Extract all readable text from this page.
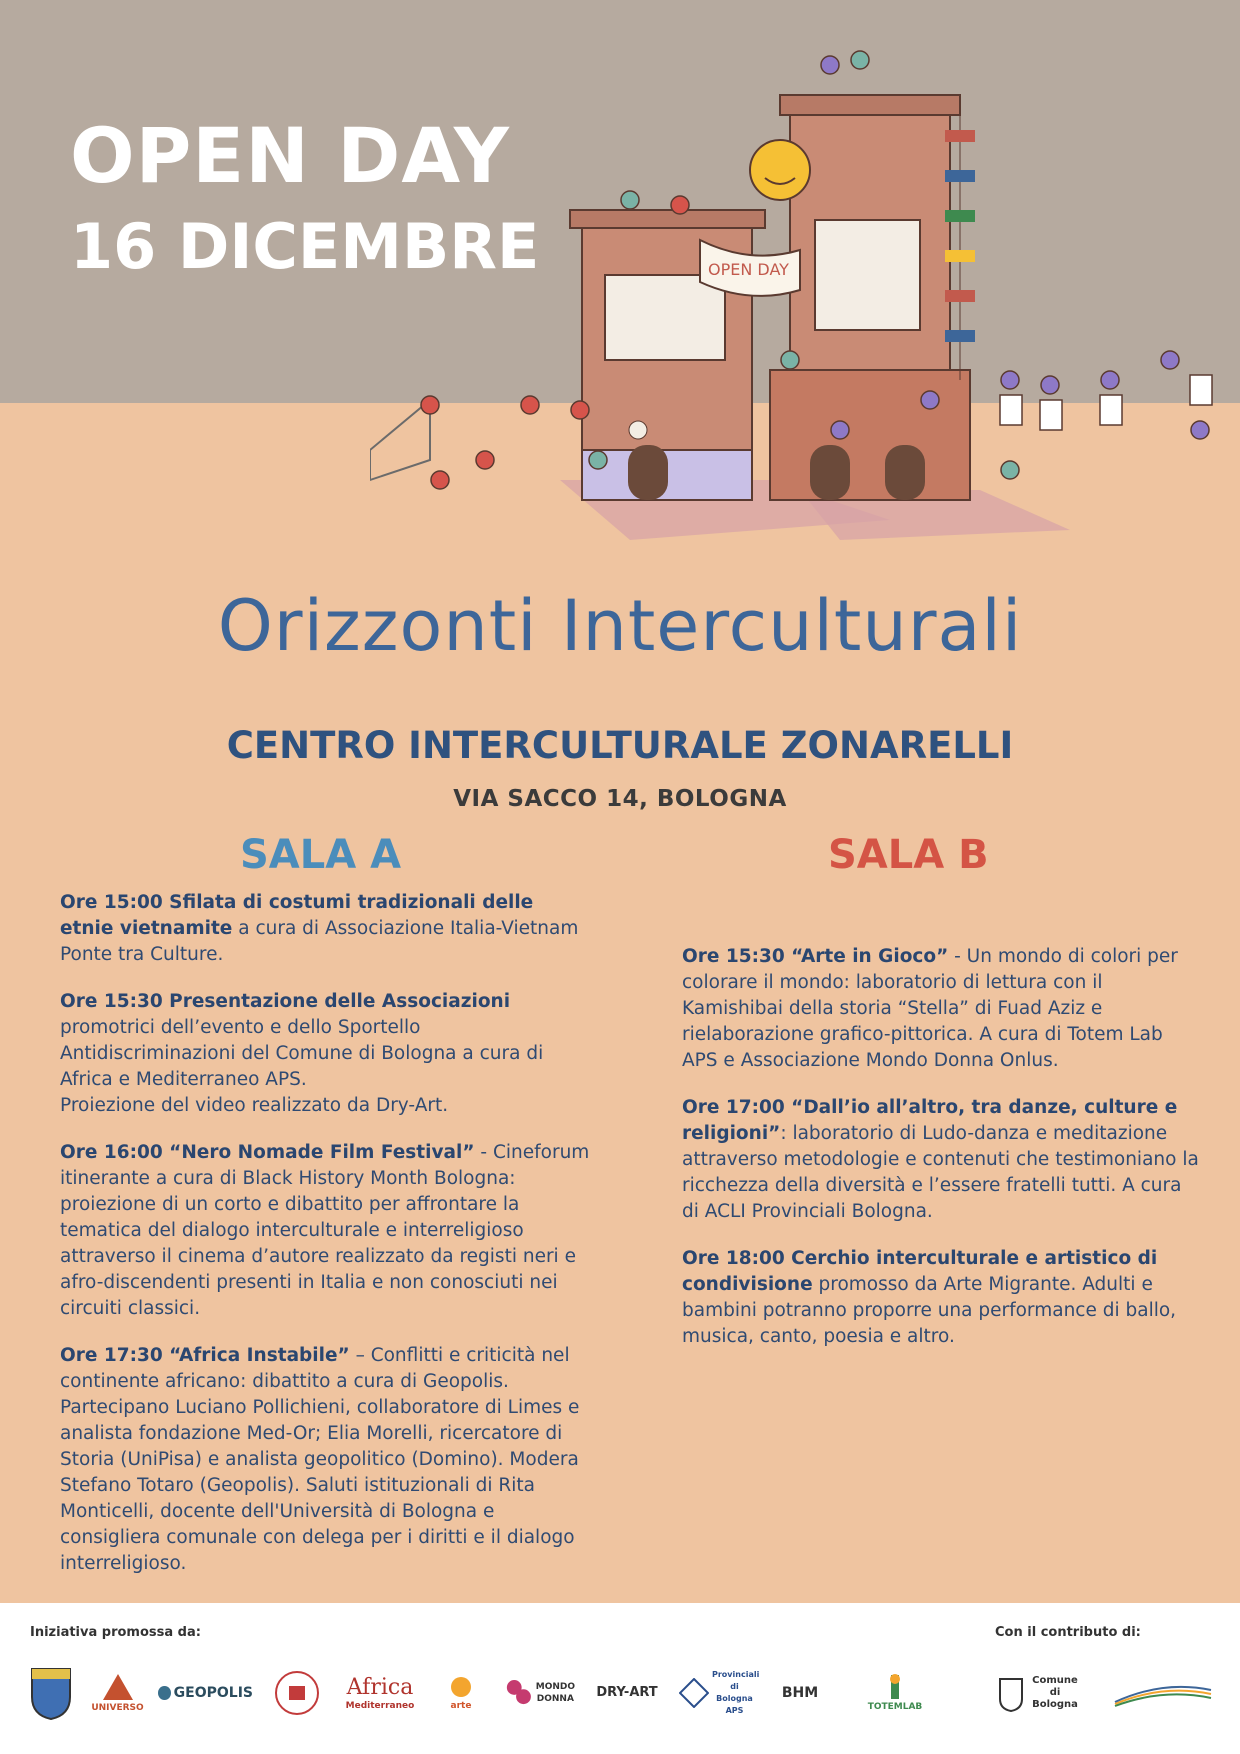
OPEN DAY
16 DICEMBRE	OPEN DAY
Orizzonti Interculturali
CENTRO INTERCULTURALE ZONARELLI
VIA SACCO 14, BOLOGNA
SALA A	SALA B

Ore 15:00 Sfilata di costumi tradizionali delle etnie vietnamite a cura di Associazione Italia-Vietnam Ponte tra Culture.

Ore 15:30 Presentazione delle Associazioni promotrici dell’evento e dello Sportello Antidiscriminazioni del Comune di Bologna a cura di Africa e Mediterraneo APS.
Proiezione del video realizzato da Dry-Art.

Ore 16:00 “Nero Nomade Film Festival” - Cineforum itinerante a cura di Black History Month Bologna: proiezione di un corto e dibattito per affrontare la tematica del dialogo interculturale e interreligioso attraverso il cinema d’autore realizzato da registi neri e afro-discendenti presenti in Italia e non conosciuti nei circuiti classici.

Ore 17:30 “Africa Instabile” – Conflitti e criticità nel continente africano: dibattito a cura di Geopolis. Partecipano Luciano Pollichieni, collaboratore di Limes e analista fondazione Med-Or; Elia Morelli, ricercatore di Storia (UniPisa) e analista geopolitico (Domino). Modera Stefano Totaro (Geopolis). Saluti istituzionali di Rita Monticelli, docente dell'Università di Bologna e consigliera comunale con delega per i diritti e il dialogo interreligioso.

Ore 15:30 “Arte in Gioco” - Un mondo di colori per colorare il mondo: laboratorio di lettura con il Kamishibai della storia “Stella” di Fuad Aziz e rielaborazione grafico-pittorica. A cura di Totem Lab APS e Associazione Mondo Donna Onlus.

Ore 17:00 “Dall’io all’altro, tra danze, culture e religioni”: laboratorio di Ludo-danza e meditazione attraverso metodologie e contenuti che testimoniano la ricchezza della diversità e l’essere fratelli tutti. A cura di ACLI Provinciali Bologna.

Ore 18:00 Cerchio interculturale e artistico di condivisione promosso da Arte Migrante. Adulti e bambini potranno proporre una performance di ballo, musica, canto, poesia e altro.

Iniziativa promossa da:	Con il contributo di:
UNIVERSO
GEOPOLIS	Africa
Mediterraneo	arte
MONDO
DONNA DRY-ART
Provinciali di Bologna APS
BHM
TOTEMLAB
Comune di Bologna
